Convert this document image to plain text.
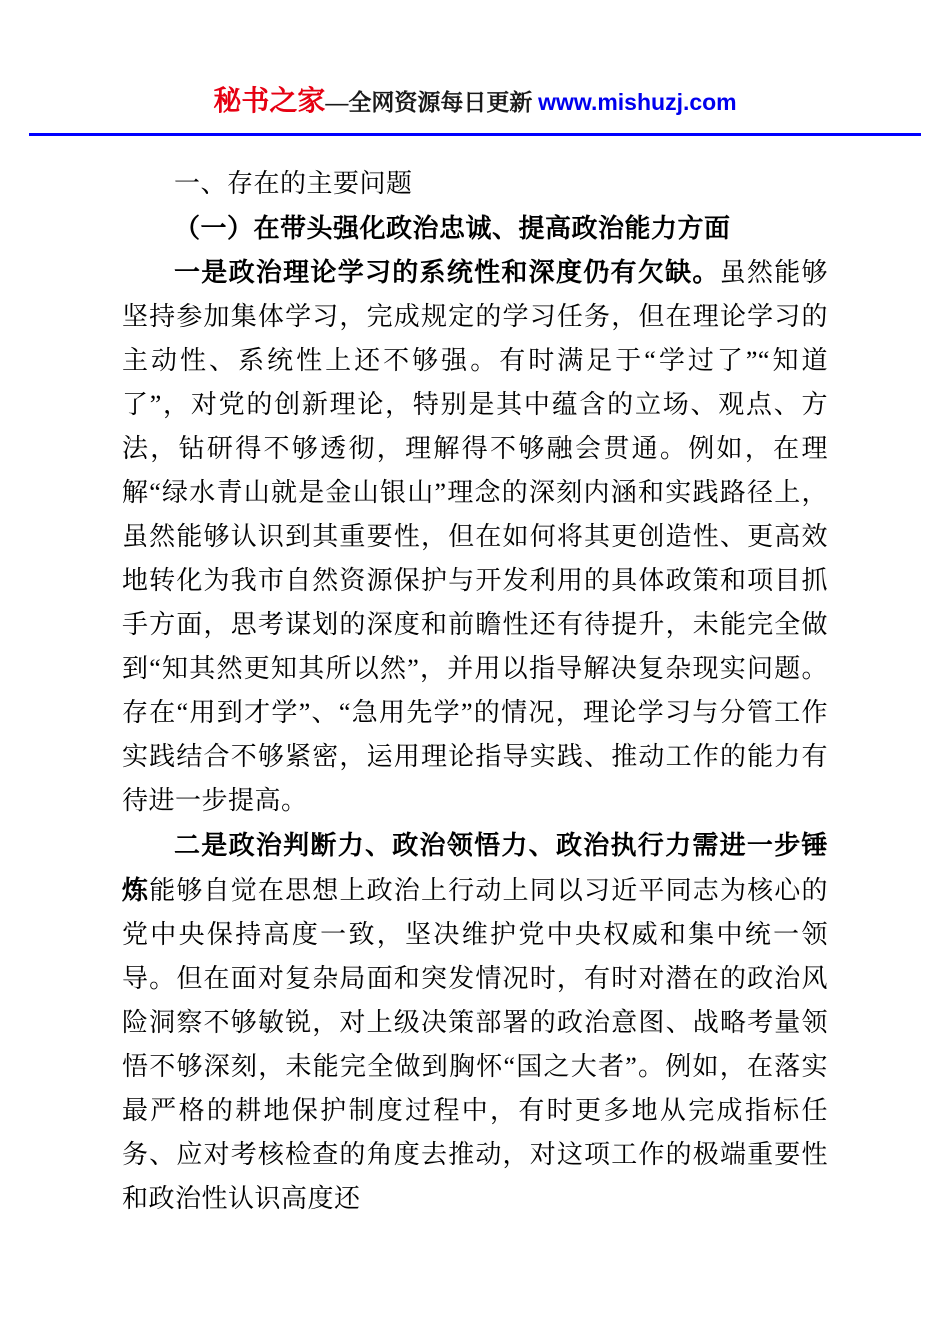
秘书之家—全网资源每日更新 www.mishuzj.com

一、存在的主要问题

（一）在带头强化政治忠诚、提高政治能力方面

一是政治理论学习的系统性和深度仍有欠缺。虽然能够坚持参加集体学习，完成规定的学习任务，但在理论学习的主动性、系统性上还不够强。有时满足于“学过了”“知道了”，对党的创新理论，特别是其中蕴含的立场、观点、方法，钻研得不够透彻，理解得不够融会贯通。例如，在理解“绿水青山就是金山银山”理念的深刻内涵和实践路径上，虽然能够认识到其重要性，但在如何将其更创造性、更高效地转化为我市自然资源保护与开发利用的具体政策和项目抓手方面，思考谋划的深度和前瞻性还有待提升，未能完全做到“知其然更知其所以然”，并用以指导解决复杂现实问题。存在“用到才学”、“急用先学”的情况，理论学习与分管工作实践结合不够紧密，运用理论指导实践、推动工作的能力有待进一步提高。

二是政治判断力、政治领悟力、政治执行力需进一步锤炼能够自觉在思想上政治上行动上同以习近平同志为核心的党中央保持高度一致，坚决维护党中央权威和集中统一领导。但在面对复杂局面和突发情况时，有时对潜在的政治风险洞察不够敏锐，对上级决策部署的政治意图、战略考量领悟不够深刻，未能完全做到胸怀“国之大者”。例如，在落实最严格的耕地保护制度过程中，有时更多地从完成指标任务、应对考核检查的角度去推动，对这项工作的极端重要性和政治性认识高度还
